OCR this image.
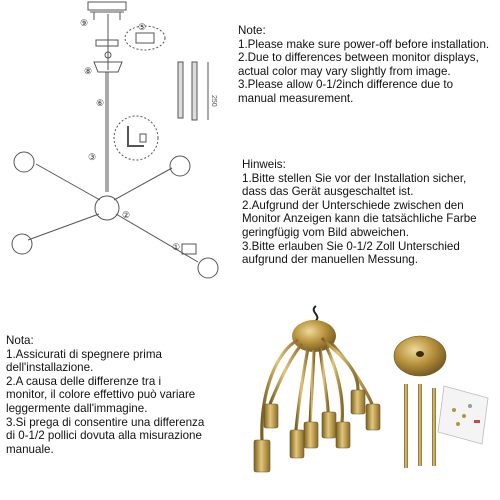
⑨
⑧
⑥
③
②
①
⑤
250

Note:

1.Please make sure power-off before installation.

2.Due to differences between monitor displays,

actual color may vary slightly from image.

3.Please allow 0-1/2inch difference due to

manual measurement.

Hinweis:

1.Bitte stellen Sie vor der Installation sicher,

dass das Gerät ausgeschaltet ist.

2.Aufgrund der Unterschiede zwischen den

Monitor Anzeigen kann die tatsächliche Farbe

geringfügig vom Bild abweichen.

3.Bitte erlauben Sie 0-1/2 Zoll Unterschied

aufgrund der manuellen Messung.

Nota:

1.Assicurati di spegnere prima

dell'installazione.

2.A causa delle differenze tra i

monitor, il colore effettivo può variare

leggermente dall'immagine.

3.Si prega di consentire una differenza

di 0-1/2 pollici dovuta alla misurazione

manuale.
